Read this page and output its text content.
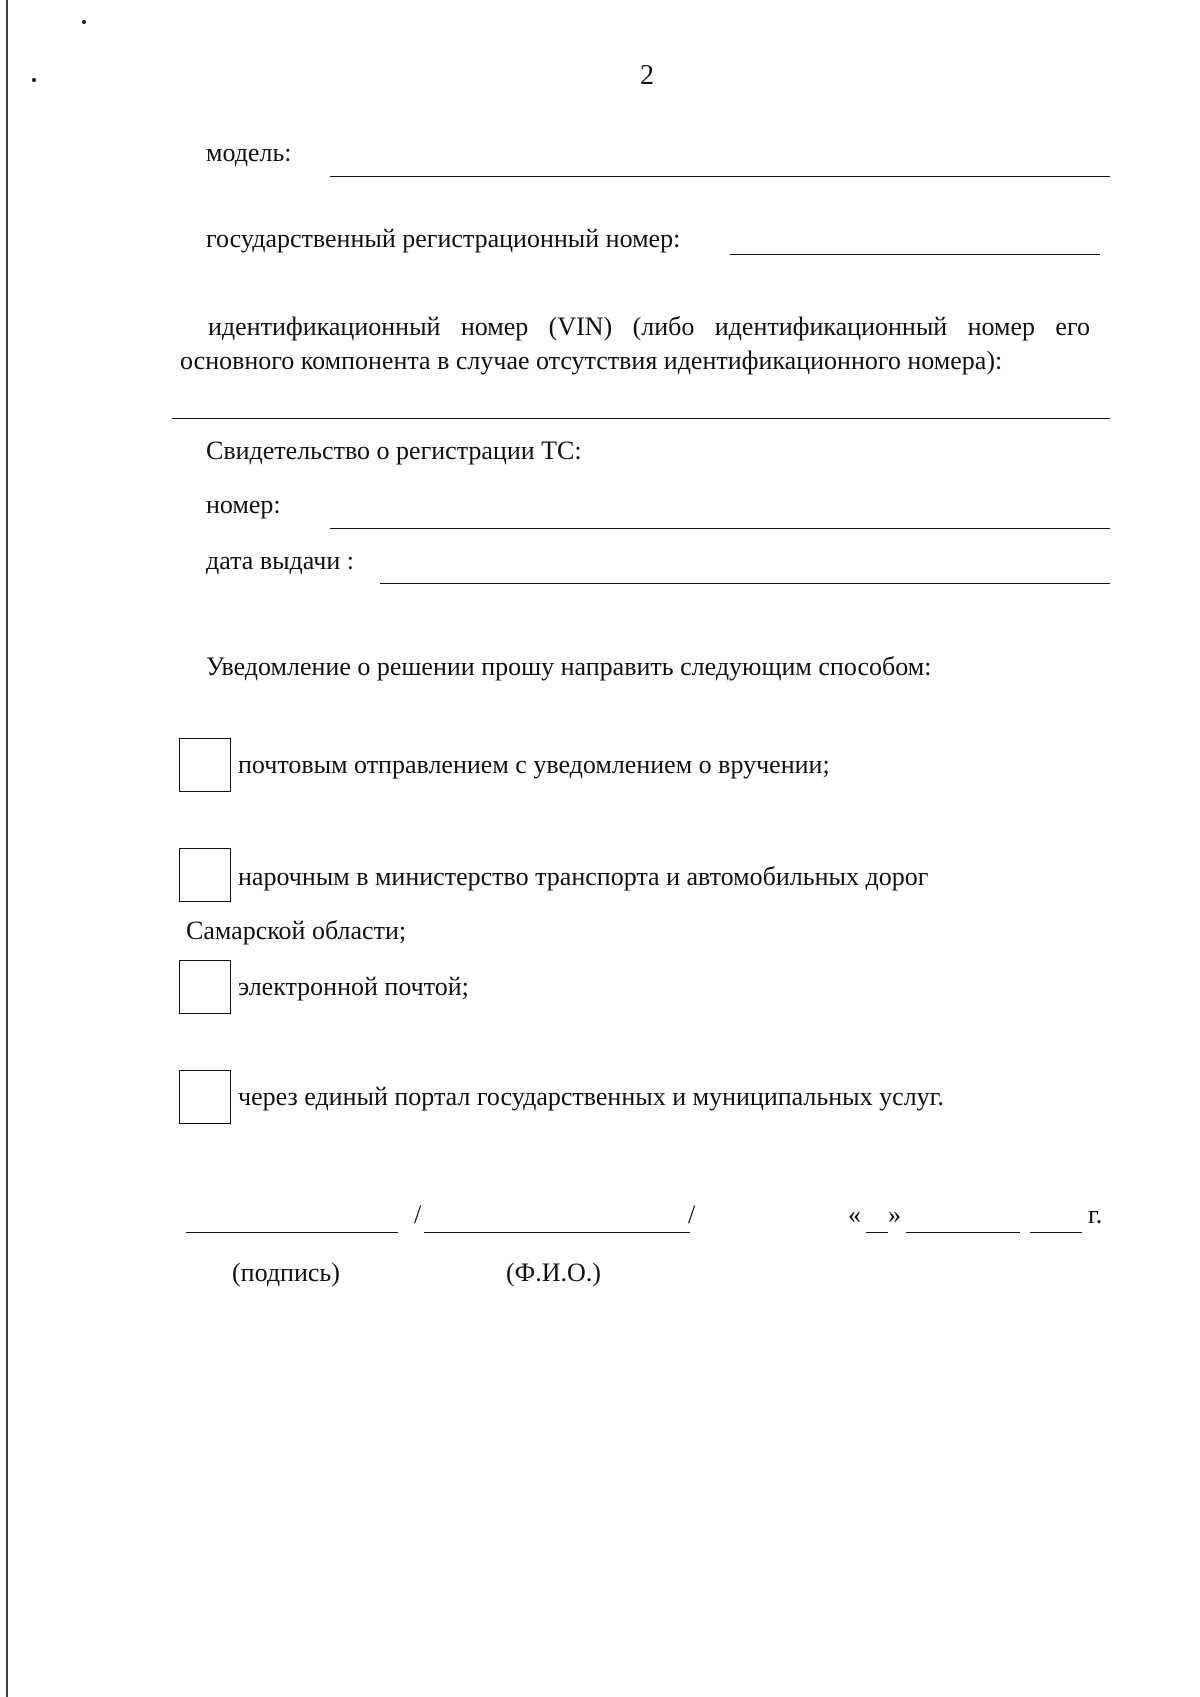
2
модель:
государственный регистрационный номер:
идентификационный номер (VIN) (либо идентификационный номер его основного компонента в случае отсутствия идентификационного номера):
Свидетельство о регистрации ТС:
номер:
дата выдачи :
Уведомление о решении прошу направить следующим способом:
почтовым отправлением с уведомлением о вручении;
нарочным в министерство транспорта и автомобильных дорог
Самарской области;
электронной почтой;
через единый портал государственных и муниципальных услуг.
/	/	« »	г.
(подпись)	(Ф.И.О.)
